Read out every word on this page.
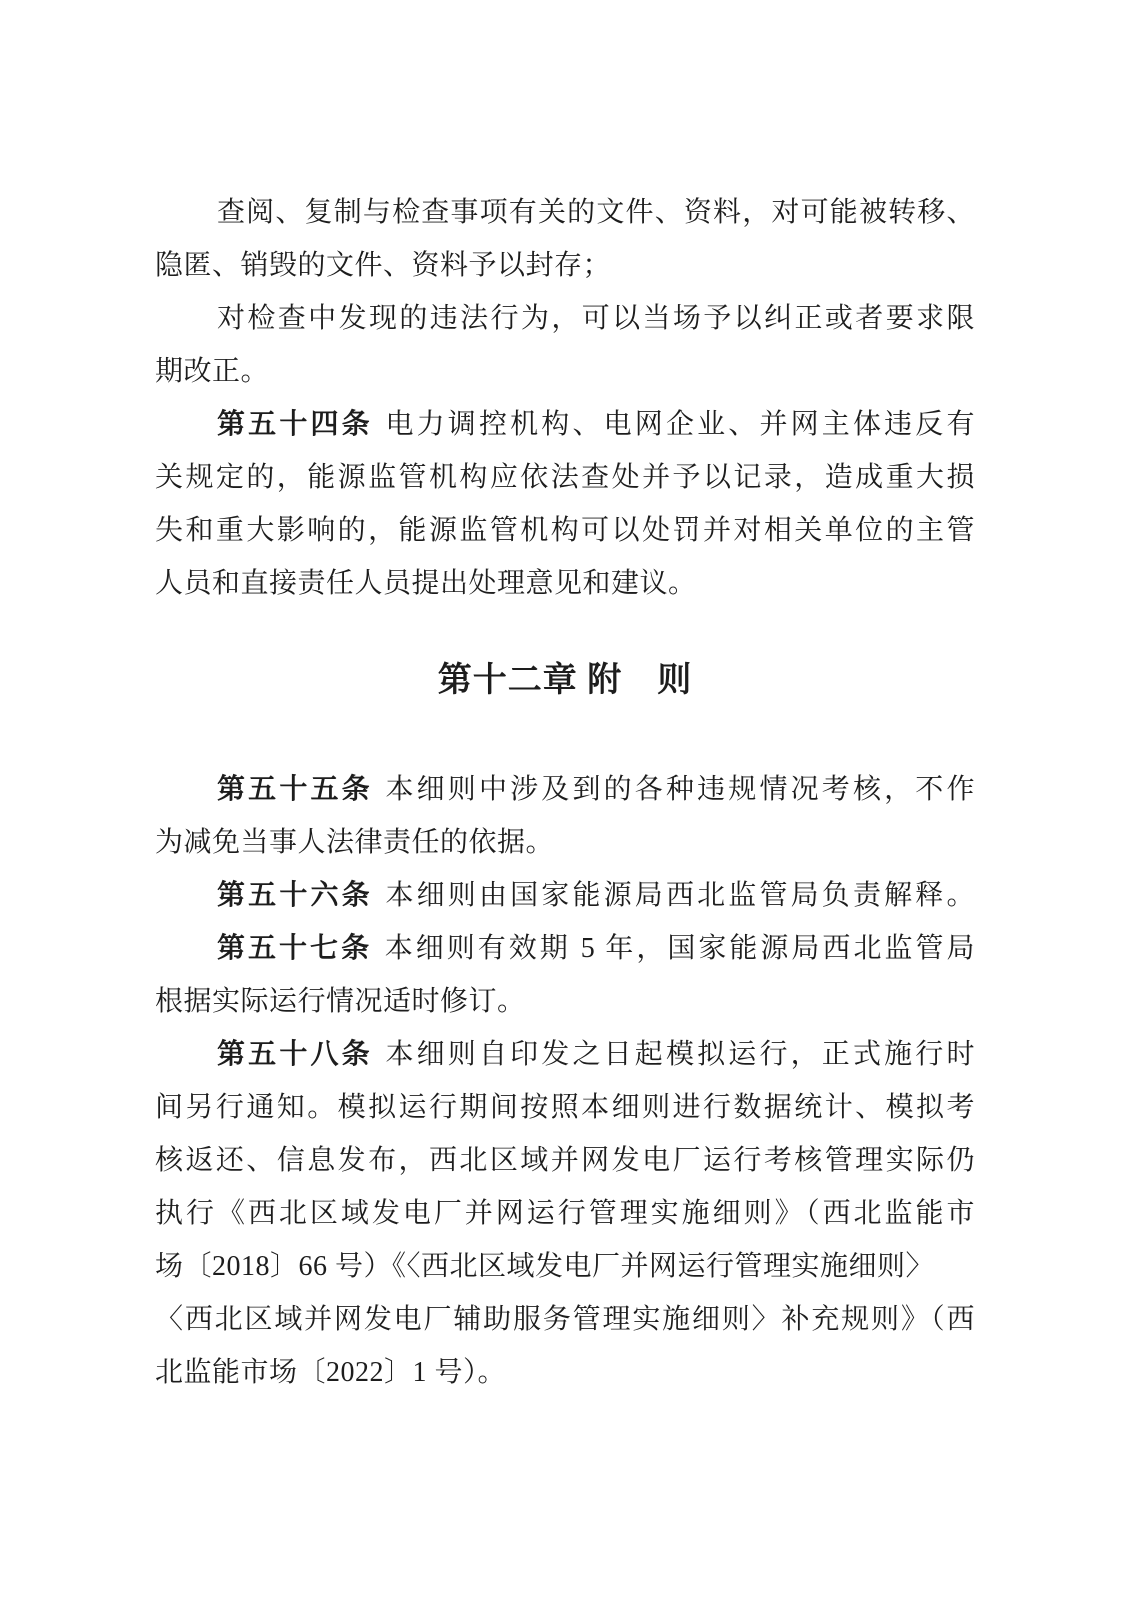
查阅、复制与检查事项有关的文件、资料，对可能被转移、
隐匿、销毁的文件、资料予以封存；
对检查中发现的违法行为，可以当场予以纠正或者要求限
期改正。
第五十四条 电力调控机构、电网企业、并网主体违反有
关规定的，能源监管机构应依法查处并予以记录，造成重大损
失和重大影响的，能源监管机构可以处罚并对相关单位的主管
人员和直接责任人员提出处理意见和建议。
第十二章 附　则
第五十五条 本细则中涉及到的各种违规情况考核，不作
为减免当事人法律责任的依据。
第五十六条 本细则由国家能源局西北监管局负责解释。
第五十七条 本细则有效期 5 年，国家能源局西北监管局
根据实际运行情况适时修订。
第五十八条 本细则自印发之日起模拟运行，正式施行时
间另行通知。模拟运行期间按照本细则进行数据统计、模拟考
核返还、信息发布，西北区域并网发电厂运行考核管理实际仍
执行《西北区域发电厂并网运行管理实施细则》（西北监能市
场〔2018〕66 号）《〈西北区域发电厂并网运行管理实施细则〉
〈西北区域并网发电厂辅助服务管理实施细则〉补充规则》（西
北监能市场〔2022〕1 号）。
